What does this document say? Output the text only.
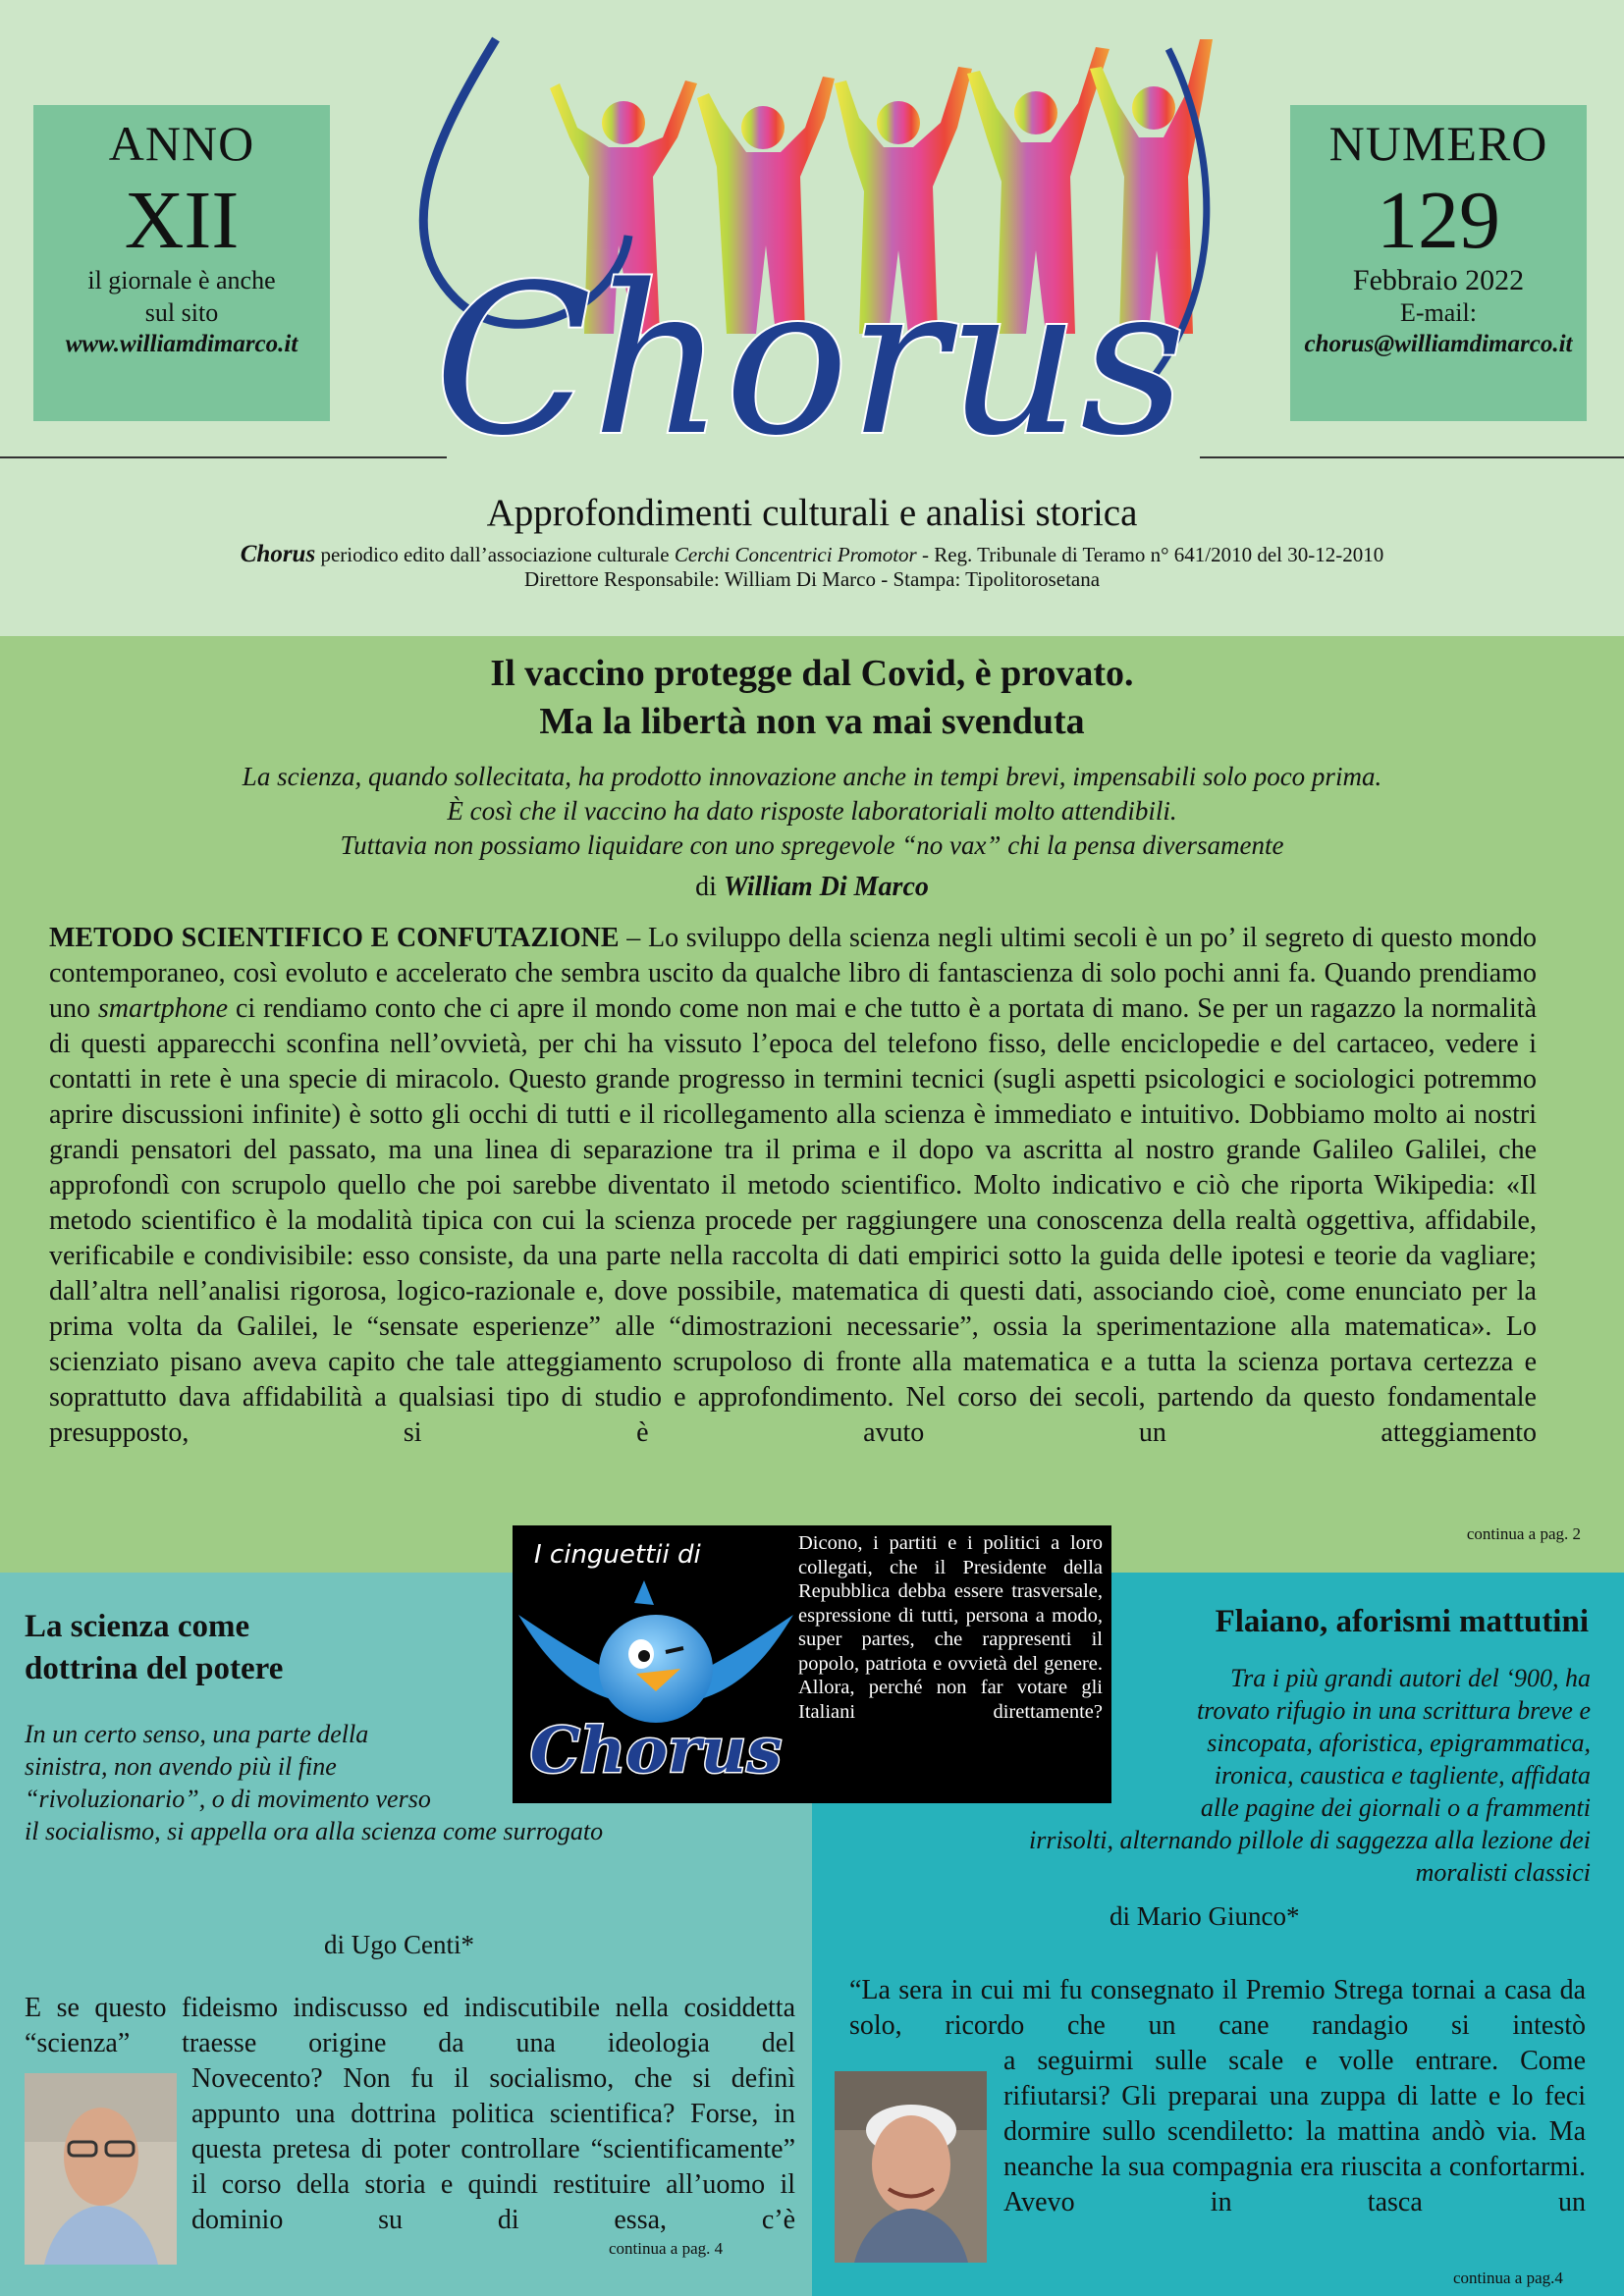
ANNO
XII
il giornale è anche
sul sito
www.williamdimarco.it
NUMERO
129
Febbraio 2022
E-mail:
chorus@williamdimarco.it
Chorus
Approfondimenti culturali e analisi storica
Chorus periodico edito dall’associazione culturale Cerchi Concentrici Promotor - Reg. Tribunale di Teramo n° 641/2010 del 30-12-2010
Direttore Responsabile: William Di Marco - Stampa: Tipolitorosetana
Il vaccino protegge dal Covid, è provato.
Ma la libertà non va mai svenduta
La scienza, quando sollecitata, ha prodotto innovazione anche in tempi brevi, impensabili solo poco prima.
È così che il vaccino ha dato risposte laboratoriali molto attendibili.
Tuttavia non possiamo liquidare con uno spregevole “no vax” chi la pensa diversamente
di William Di Marco
METODO SCIENTIFICO E CONFUTAZIONE – Lo sviluppo della scienza negli ultimi secoli è un po’ il segreto di questo mondo contemporaneo, così evoluto e accelerato che sembra uscito da qualche libro di fantascienza di solo pochi anni fa. Quando prendiamo uno smartphone ci rendiamo conto che ci apre il mondo come non mai e che tutto è a portata di mano. Se per un ragazzo la normalità di questi apparecchi sconfina nell’ovvietà, per chi ha vissuto l’epoca del telefono fisso, delle enciclopedie e del cartaceo, vedere i contatti in rete è una specie di miracolo. Questo grande progresso in termini tecnici (sugli aspetti psicologici e sociologici potremmo aprire discussioni infinite) è sotto gli occhi di tutti e il ricollegamento alla scienza è immediato e intuitivo. Dobbiamo molto ai nostri grandi pensatori del passato, ma una linea di separazione tra il prima e il dopo va ascritta al nostro grande Galileo Galilei, che approfondì con scrupolo quello che poi sarebbe diventato il metodo scientifico. Molto indicativo e ciò che riporta Wikipedia: «Il metodo scientifico è la modalità tipica con cui la scienza procede per raggiungere una conoscenza della realtà oggettiva, affidabile, verificabile e condivisibile: esso consiste, da una parte nella raccolta di dati empirici sotto la guida delle ipotesi e teorie da vagliare; dall’altra nell’analisi rigorosa, logico-razionale e, dove possibile, matematica di questi dati, associando cioè, come enunciato per la prima volta da Galilei, le “sensate esperienze” alle “dimostrazioni necessarie”, ossia la sperimentazione alla matematica». Lo scienziato pisano aveva capito che tale atteggiamento scrupoloso di fronte alla matematica e a tutta la scienza portava certezza e soprattutto dava affidabilità a qualsiasi tipo di studio e approfondimento. Nel corso dei secoli, partendo da questo fondamentale presupposto, si è avuto un atteggiamento
continua a pag. 2
I cinguettii di
Chorus
Dicono, i partiti e i politici a loro collegati, che il Presidente della Repubblica debba essere trasversale, espressione di tutti, persona a modo, super partes, che rappresenti il popolo, patriota e ovvietà del genere. Allora, perché non far votare gli Italiani direttamente?
La scienza come
dottrina del potere
In un certo senso, una parte della
sinistra, non avendo più il fine
“rivoluzionario”, o di movimento verso
il socialismo, si appella ora alla scienza come surrogato
di Ugo Centi*
E se questo fideismo indiscusso ed indiscutibile nella cosiddetta “scienza” traesse origine da una ideologia del
Novecento? Non fu il socialismo, che si definì appunto una dottrina politica scientifica? Forse, in questa pretesa di poter controllare “scientificamente” il corso della storia e quindi restituire all’uomo il dominio su di essa, c’è
continua a pag. 4
Flaiano, aforismi mattutini
Tra i più grandi autori del ‘900, ha
trovato rifugio in una scrittura breve e
sincopata, aforistica, epigrammatica,
ironica, caustica e tagliente, affidata
alle pagine dei giornali o a frammenti
irrisolti, alternando pillole di saggezza alla lezione dei
moralisti classici
di Mario Giunco*
“La sera in cui mi fu consegnato il Premio Strega tornai a casa da solo, ricordo che un cane randagio si intestò
a seguirmi sulle scale e volle entrare. Come rifiutarsi? Gli preparai una zuppa di latte e lo feci dormire sullo scendiletto: la mattina andò via. Ma neanche la sua compagnia era riuscita a confortarmi. Avevo in tasca un
continua a pag.4
